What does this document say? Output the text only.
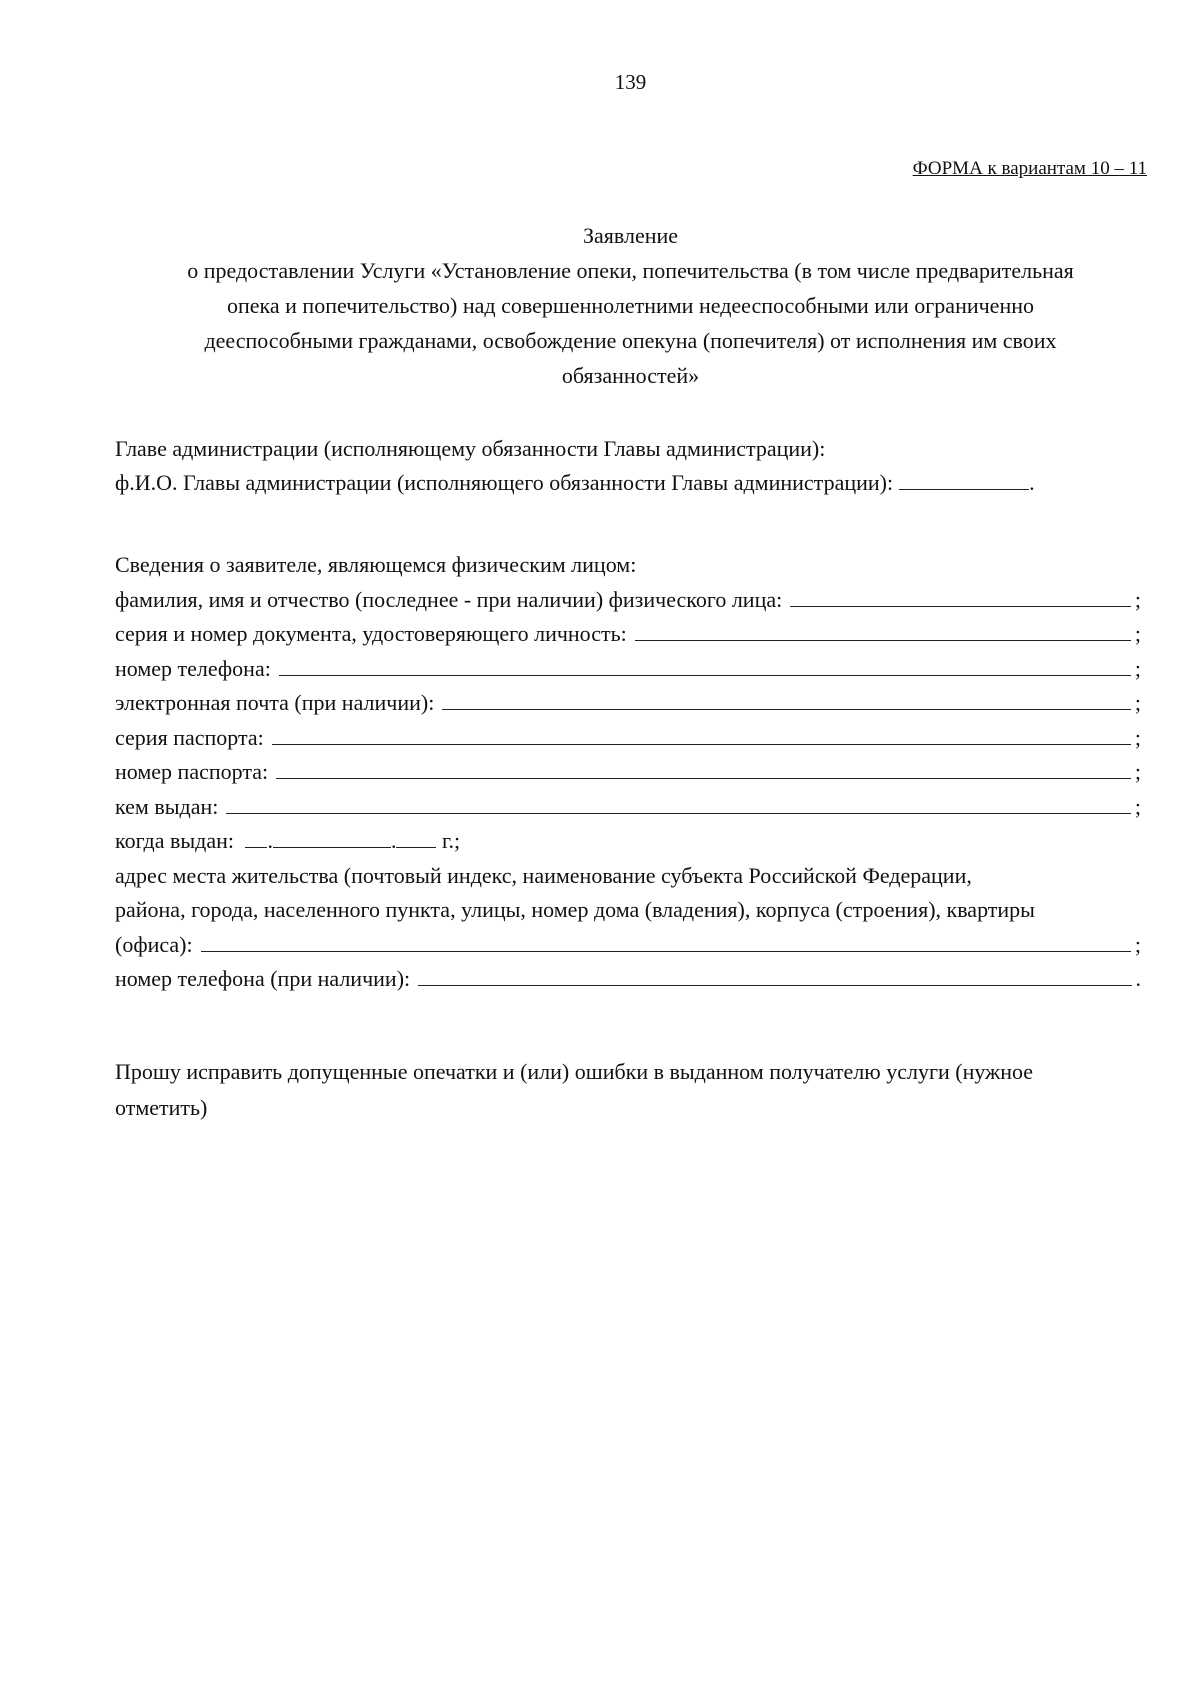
139
ФОРМА к вариантам 10 – 11
Заявление
о предоставлении Услуги «Установление опеки, попечительства (в том числе предварительная
опека и попечительство) над совершеннолетними недееспособными или ограниченно
дееспособными гражданами, освобождение опекуна (попечителя) от исполнения им своих
обязанностей»
Главе администрации (исполняющему обязанности Главы администрации):
ф.И.О. Главы администрации (исполняющего обязанности Главы администрации):	.
Сведения о заявителе, являющемся физическим лицом:
фамилия, имя и отчество (последнее - при наличии) физического лица:	;
серия и номер документа, удостоверяющего личность:	;
номер телефона:	;
электронная почта (при наличии):	;
серия паспорта:	;
номер паспорта:	;
кем выдан:	;
когда выдан: .	. г.;
адрес места жительства (почтовый индекс, наименование субъекта Российской Федерации,
района, города, населенного пункта, улицы, номер дома (владения), корпуса (строения), квартиры
(офиса):	;
номер телефона (при наличии):	.
Прошу исправить допущенные опечатки и (или) ошибки в выданном получателю услуги (нужное
отметить)
